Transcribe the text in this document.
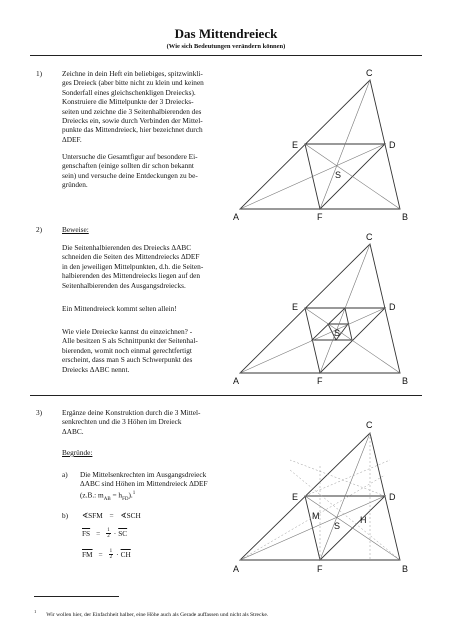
Das Mittendreieck
(Wie sich Bedeutungen verändern können)
1)	Zeichne in dein Heft ein beliebiges, spitzwinkli-
ges Dreieck (aber bitte nicht zu klein und keinen
Sonderfall eines gleichschenkligen Dreiecks).
Konstruiere die Mittelpunkte der 3 Dreiecks-
seiten und zeichne die 3 Seitenhalbierenden des
Dreiecks ein, sowie durch Verbinden der Mittel-
punkte das Mittendreieck, hier bezeichnet durch
ΔDEF.
Untersuche die Gesamtfigur auf besondere Ei-
genschaften (einige sollten dir schon bekannt
sein) und versuche deine Entdeckungen zu be-
gründen.
2)	Beweise:
Die Seitenhalbierenden des Dreiecks ΔABC
schneiden die Seiten des Mittendreiecks ΔDEF
in den jeweiligen Mittelpunkten, d.h. die Seiten-
halbierenden des Mittendreiecks liegen auf den
Seitenhalbierenden des Ausgangsdreiecks.
Ein Mittendreieck kommt selten allein!
Wie viele Dreiecke kannst du einzeichnen? -
Alle besitzen S als Schnittpunkt der Seitenhal-
bierenden, womit noch einmal gerechtfertigt
erscheint, dass man S auch Schwerpunkt des
Dreiecks ΔABC nennt.
3)	Ergänze deine Konstruktion durch die 3 Mittel-
senkrechten und die 3 Höhen im Dreieck
ΔABC.
Begründe:
a) Die Mittelsenkrechten im Ausgangsdreieck
ΔABC sind Höhen im Mittendreieck ΔDEF
(z.B.: $m_{AB} = h_{FD}).^1$
b) ∢SFM = ∢SCH
$\overline{FS} = \frac{1}{2} \cdot \overline{SC}$
$\overline{FM} = \frac{1}{2} \cdot \overline{CH}$
A	B
C
D
E
F
S
A	B
C
D
E
F
S
A	B
C
D
E
F
S
M	H
$^1$Wir wollen hier, der Einfachheit halber, eine Höhe auch als Gerade auffassen und nicht als Strecke.
